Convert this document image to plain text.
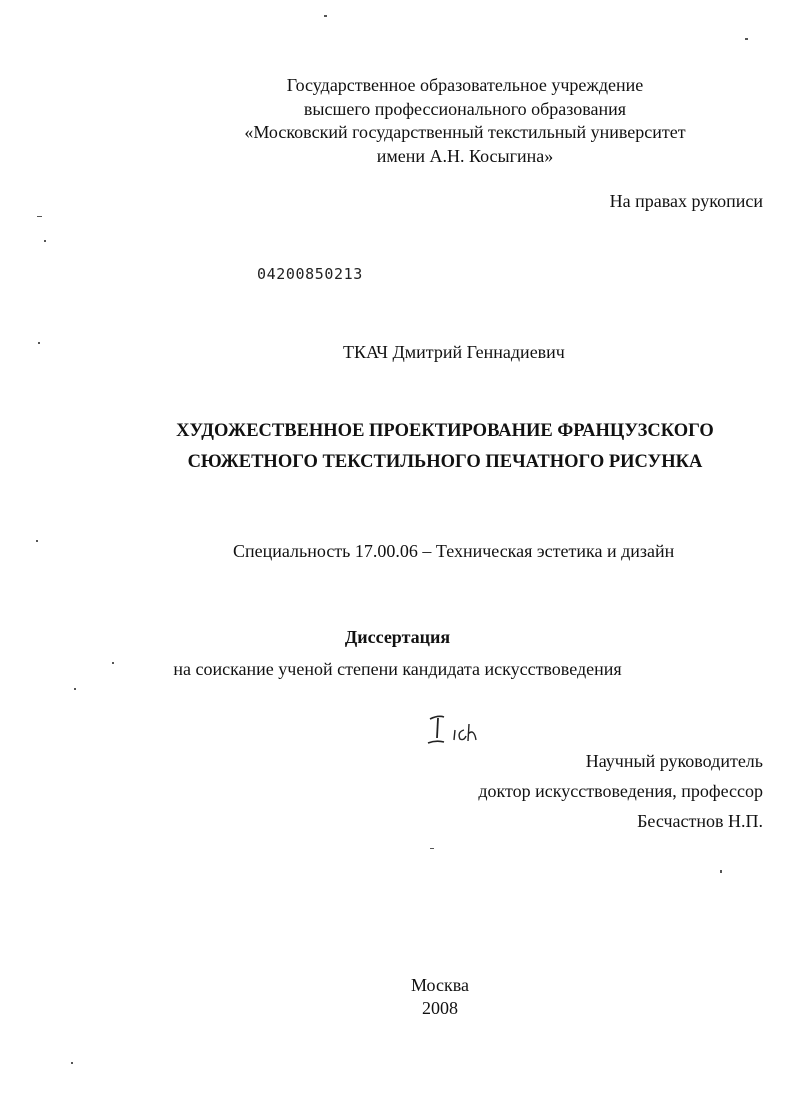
Государственное образовательное учреждение
высшего профессионального образования
«Московский государственный текстильный университет
имени А.Н. Косыгина»
На правах рукописи
04200850213
ТКАЧ Дмитрий Геннадиевич
ХУДОЖЕСТВЕННОЕ ПРОЕКТИРОВАНИЕ ФРАНЦУЗСКОГО
СЮЖЕТНОГО ТЕКСТИЛЬНОГО ПЕЧАТНОГО РИСУНКА
Специальность 17.00.06 – Техническая эстетика и дизайн
Диссертация
на соискание ученой степени кандидата искусствоведения
Научный руководитель
доктор искусствоведения, профессор
Бесчастнов Н.П.
Москва
2008
